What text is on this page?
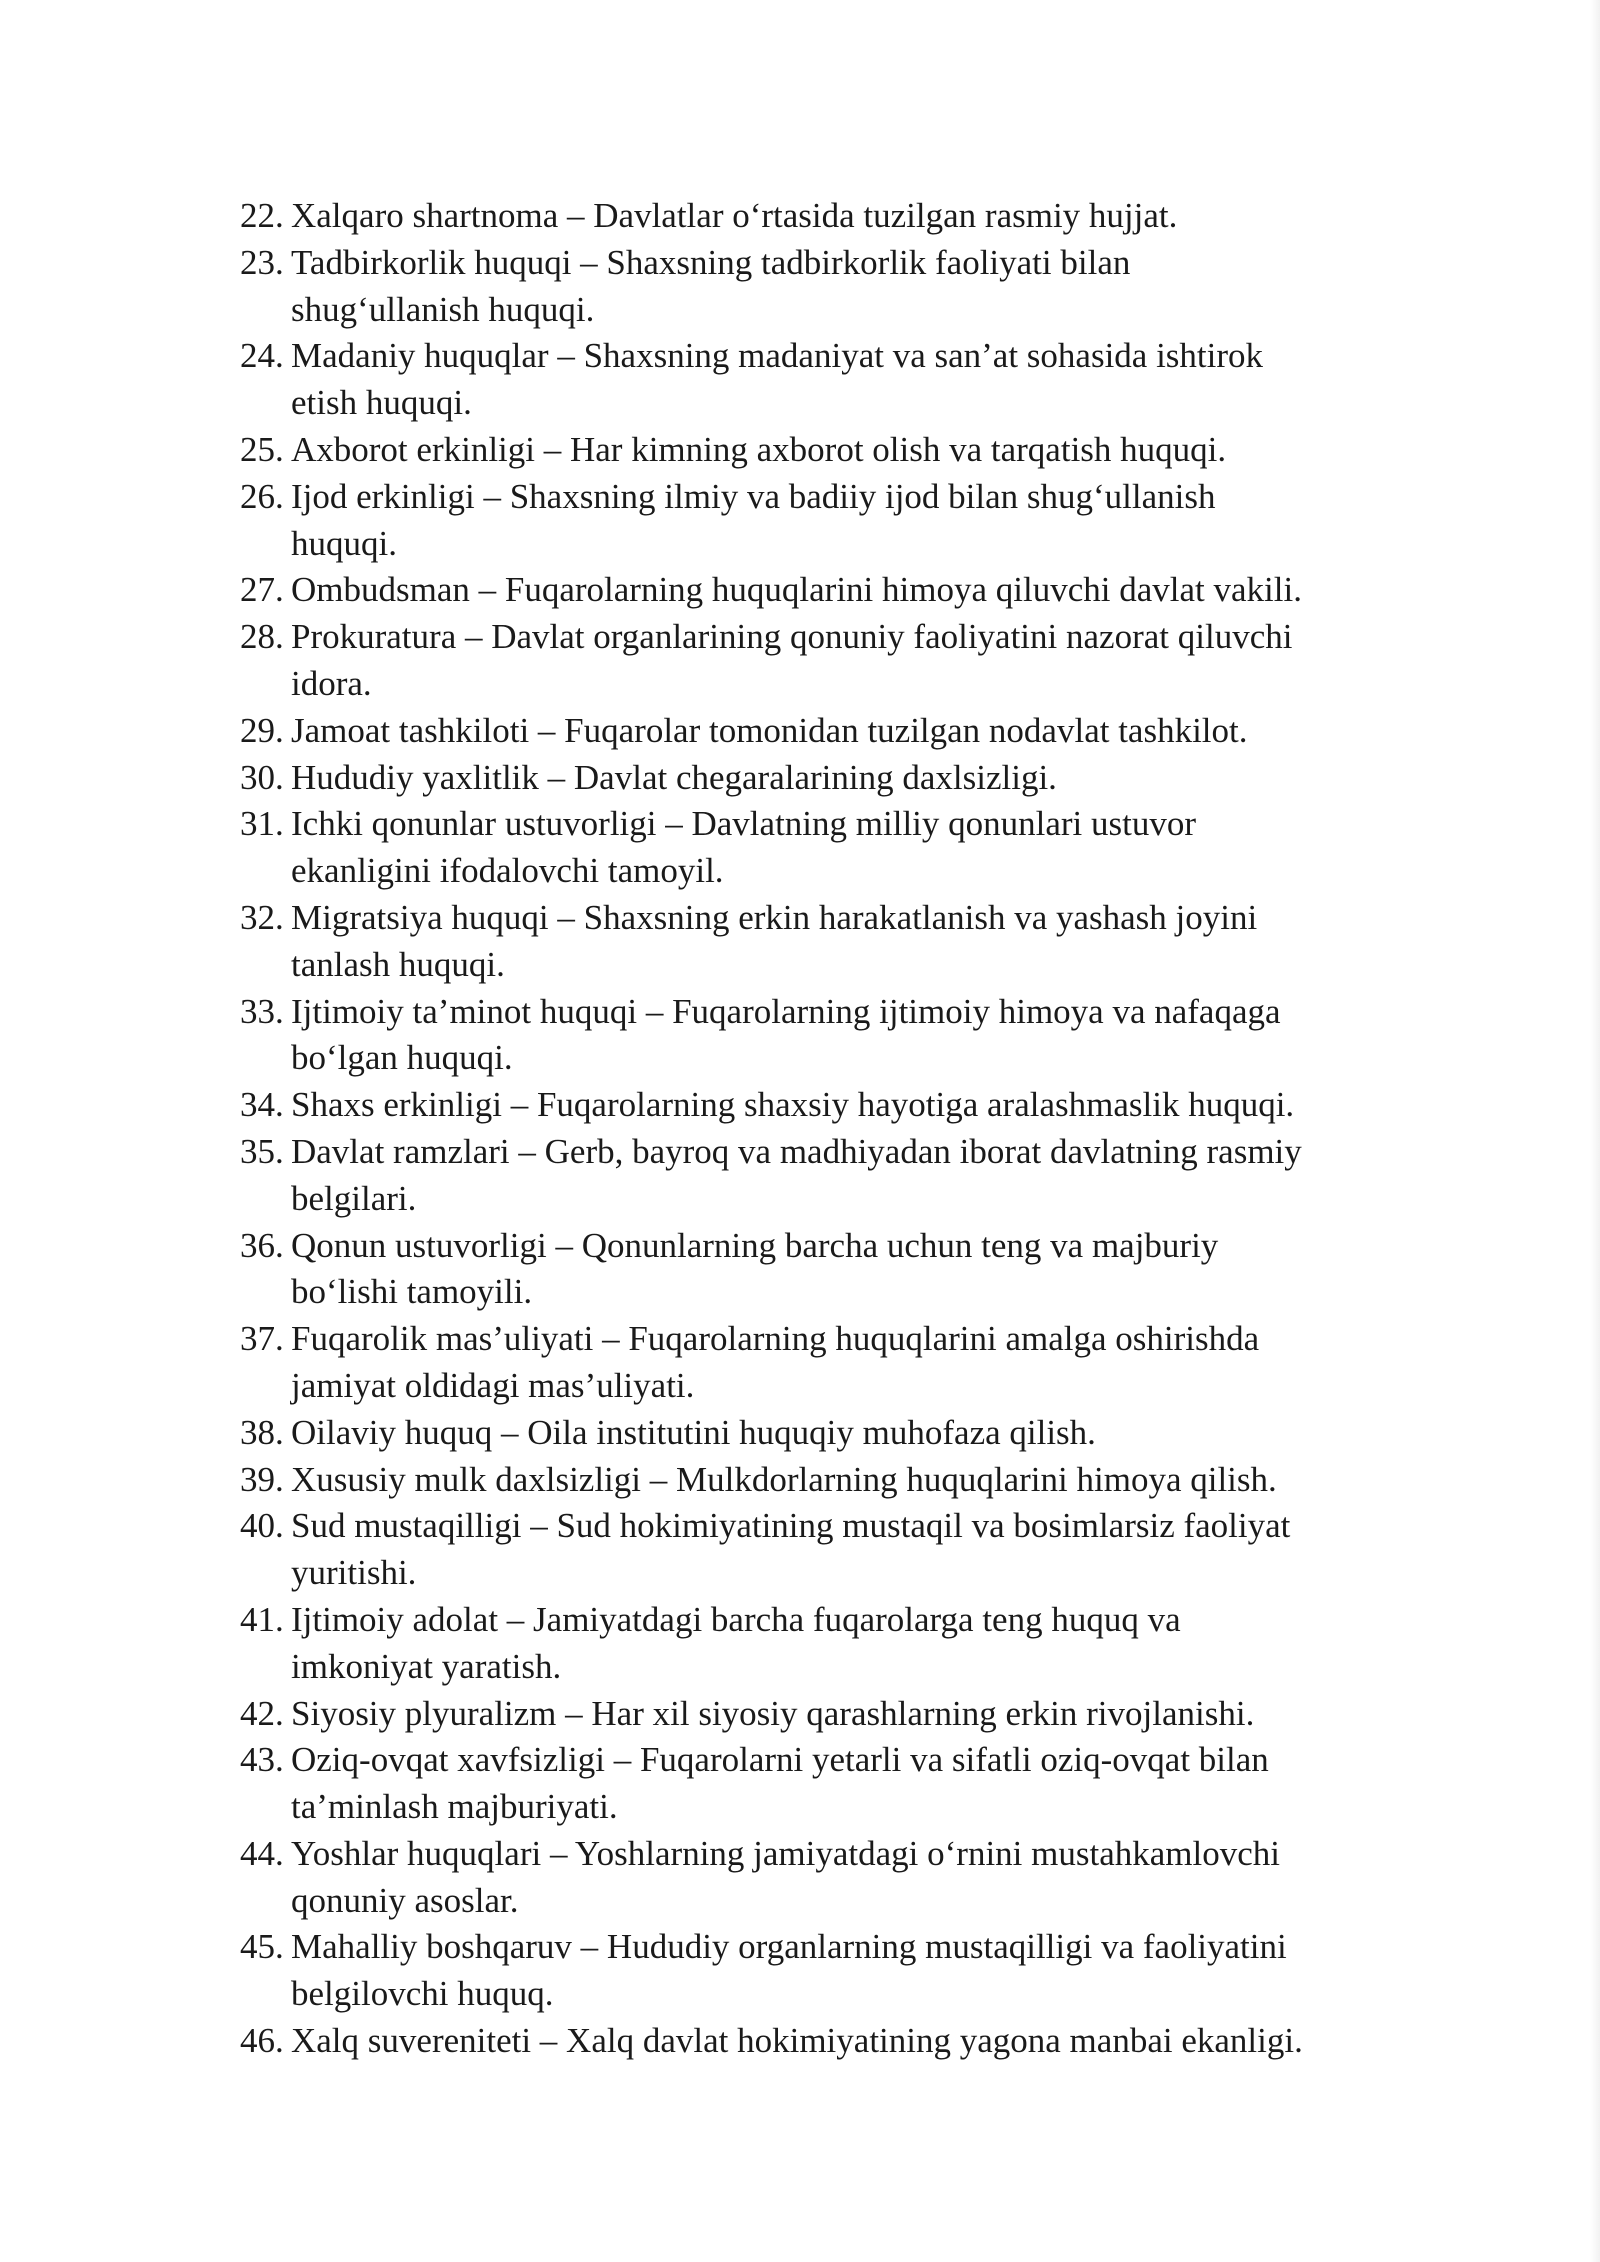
22. Xalqaro shartnoma – Davlatlar o‘rtasida tuzilgan rasmiy hujjat.
23. Tadbirkorlik huquqi – Shaxsning tadbirkorlik faoliyati bilan
shug‘ullanish huquqi.
24. Madaniy huquqlar – Shaxsning madaniyat va san’at sohasida ishtirok
etish huquqi.
25. Axborot erkinligi – Har kimning axborot olish va tarqatish huquqi.
26. Ijod erkinligi – Shaxsning ilmiy va badiiy ijod bilan shug‘ullanish
huquqi.
27. Ombudsman – Fuqarolarning huquqlarini himoya qiluvchi davlat vakili.
28. Prokuratura – Davlat organlarining qonuniy faoliyatini nazorat qiluvchi
idora.
29. Jamoat tashkiloti – Fuqarolar tomonidan tuzilgan nodavlat tashkilot.
30. Hududiy yaxlitlik – Davlat chegaralarining daxlsizligi.
31. Ichki qonunlar ustuvorligi – Davlatning milliy qonunlari ustuvor
ekanligini ifodalovchi tamoyil.
32. Migratsiya huquqi – Shaxsning erkin harakatlanish va yashash joyini
tanlash huquqi.
33. Ijtimoiy ta’minot huquqi – Fuqarolarning ijtimoiy himoya va nafaqaga
bo‘lgan huquqi.
34. Shaxs erkinligi – Fuqarolarning shaxsiy hayotiga aralashmaslik huquqi.
35. Davlat ramzlari – Gerb, bayroq va madhiyadan iborat davlatning rasmiy
belgilari.
36. Qonun ustuvorligi – Qonunlarning barcha uchun teng va majburiy
bo‘lishi tamoyili.
37. Fuqarolik mas’uliyati – Fuqarolarning huquqlarini amalga oshirishda
jamiyat oldidagi mas’uliyati.
38. Oilaviy huquq – Oila institutini huquqiy muhofaza qilish.
39. Xususiy mulk daxlsizligi – Mulkdorlarning huquqlarini himoya qilish.
40. Sud mustaqilligi – Sud hokimiyatining mustaqil va bosimlarsiz faoliyat
yuritishi.
41. Ijtimoiy adolat – Jamiyatdagi barcha fuqarolarga teng huquq va
imkoniyat yaratish.
42. Siyosiy plyuralizm – Har xil siyosiy qarashlarning erkin rivojlanishi.
43. Oziq-ovqat xavfsizligi – Fuqarolarni yetarli va sifatli oziq-ovqat bilan
ta’minlash majburiyati.
44. Yoshlar huquqlari – Yoshlarning jamiyatdagi o‘rnini mustahkamlovchi
qonuniy asoslar.
45. Mahalliy boshqaruv – Hududiy organlarning mustaqilligi va faoliyatini
belgilovchi huquq.
46. Xalq suvereniteti – Xalq davlat hokimiyatining yagona manbai ekanligi.
